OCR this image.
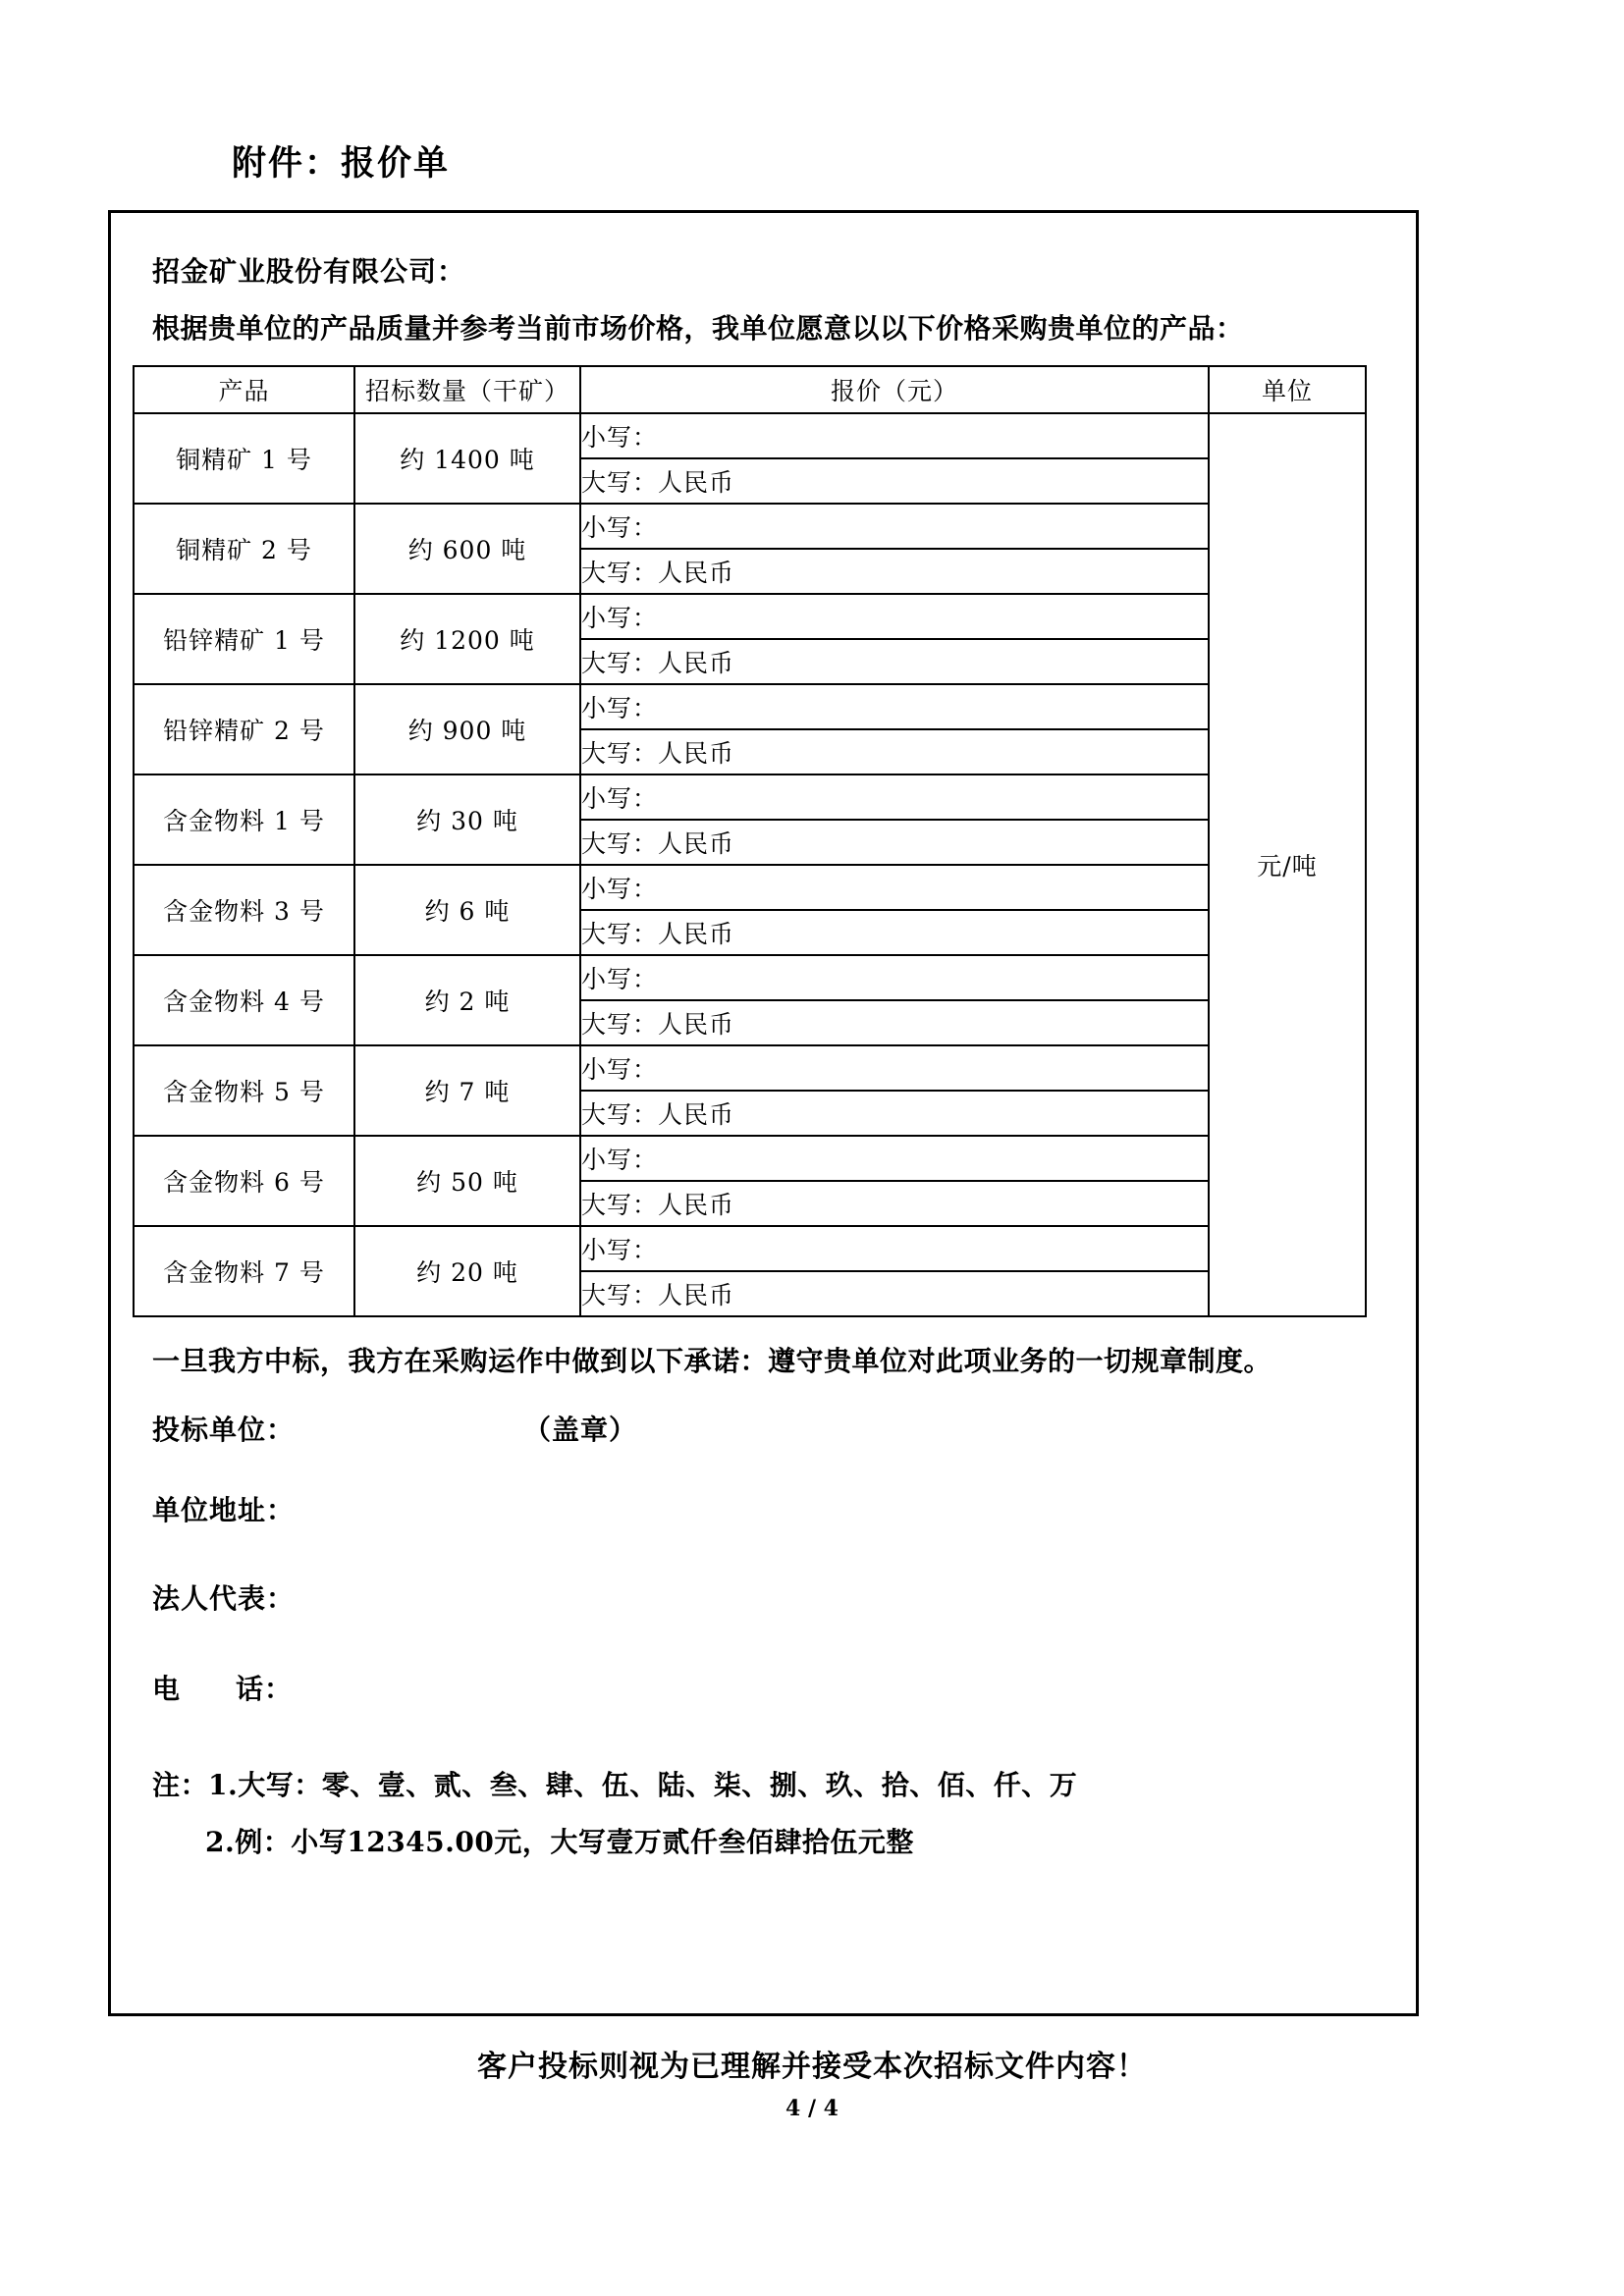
附件：报价单
招金矿业股份有限公司：
根据贵单位的产品质量并参考当前市场价格，我单位愿意以以下价格采购贵单位的产品：
产品	招标数量（干矿）	报价（元）	单位
铜精矿 1 号	约 1400 吨	小写：	元/吨
		大写：人民币	
铜精矿 2 号	约 600 吨	小写：	
		大写：人民币	
铅锌精矿 1 号	约 1200 吨	小写：	
		大写：人民币	
铅锌精矿 2 号	约 900 吨	小写：	
		大写：人民币	
含金物料 1 号	约 30 吨	小写：	
		大写：人民币	
含金物料 3 号	约 6 吨	小写：	
		大写：人民币	
含金物料 4 号	约 2 吨	小写：	
		大写：人民币	
含金物料 5 号	约 7 吨	小写：	
		大写：人民币	
含金物料 6 号	约 50 吨	小写：	
		大写：人民币	
含金物料 7 号	约 20 吨	小写：	
		大写：人民币	
一旦我方中标，我方在采购运作中做到以下承诺：遵守贵单位对此项业务的一切规章制度。
投标单位：	（盖章）
单位地址：
法人代表：
电 话：
注：1.大写：零、壹、贰、叁、肆、伍、陆、柒、捌、玖、拾、佰、仟、万
2.例：小写12345.00元，大写壹万贰仟叁佰肆拾伍元整
客户投标则视为已理解并接受本次招标文件内容！
4 / 4
